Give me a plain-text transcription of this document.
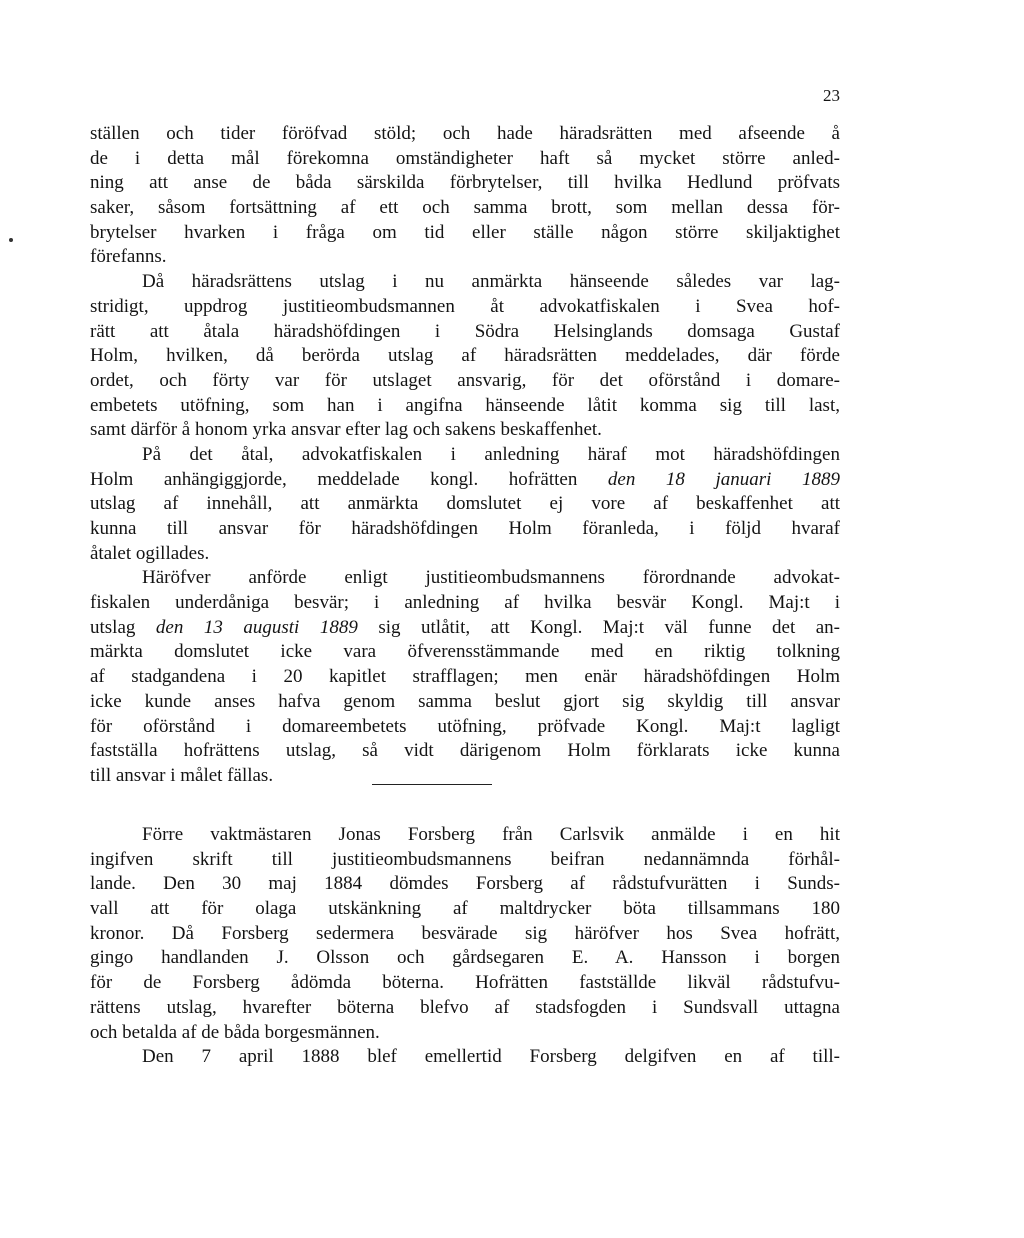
23
ställen och tider föröfvad stöld; och hade häradsrätten med afseende å
de i detta mål förekomna omständigheter haft så mycket större anled-
ning att anse de båda särskilda förbrytelser, till hvilka Hedlund pröfvats
saker, såsom fortsättning af ett och samma brott, som mellan dessa för-
brytelser hvarken i fråga om tid eller ställe någon större skiljaktighet
förefanns.
Då häradsrättens utslag i nu anmärkta hänseende således var lag-
stridigt, uppdrog justitieombudsmannen åt advokatfiskalen i Svea hof-
rätt att åtala häradshöfdingen i Södra Helsinglands domsaga Gustaf
Holm, hvilken, då berörda utslag af häradsrätten meddelades, där förde
ordet, och förty var för utslaget ansvarig, för det oförstånd i domare-
embetets utöfning, som han i angifna hänseende låtit komma sig till last,
samt därför å honom yrka ansvar efter lag och sakens beskaffenhet.
På det åtal, advokatfiskalen i anledning häraf mot häradshöfdingen
Holm anhängiggjorde, meddelade kongl. hofrätten den 18 januari 1889
utslag af innehåll, att anmärkta domslutet ej vore af beskaffenhet att
kunna till ansvar för häradshöfdingen Holm föranleda, i följd hvaraf
åtalet ogillades.
Häröfver anförde enligt justitieombudsmannens förordnande advokat-
fiskalen underdåniga besvär; i anledning af hvilka besvär Kongl. Maj:t i
utslag den 13 augusti 1889 sig utlåtit, att Kongl. Maj:t väl funne det an-
märkta domslutet icke vara öfverensstämmande med en riktig tolkning
af stadgandena i 20 kapitlet strafflagen; men enär häradshöfdingen Holm
icke kunde anses hafva genom samma beslut gjort sig skyldig till ansvar
för oförstånd i domareembetets utöfning, pröfvade Kongl. Maj:t lagligt
fastställa hofrättens utslag, så vidt därigenom Holm förklarats icke kunna
till ansvar i målet fällas.
Förre vaktmästaren Jonas Forsberg från Carlsvik anmälde i en hit
ingifven skrift till justitieombudsmannens beifran nedannämnda förhål-
lande. Den 30 maj 1884 dömdes Forsberg af rådstufvurätten i Sunds-
vall att för olaga utskänkning af maltdrycker böta tillsammans 180
kronor. Då Forsberg sedermera besvärade sig häröfver hos Svea hofrätt,
gingo handlanden J. Olsson och gårdsegaren E. A. Hansson i borgen
för de Forsberg ådömda böterna. Hofrätten fastställde likväl rådstufvu-
rättens utslag, hvarefter böterna blefvo af stadsfogden i Sundsvall uttagna
och betalda af de båda borgesmännen.
Den 7 april 1888 blef emellertid Forsberg delgifven en af till-
